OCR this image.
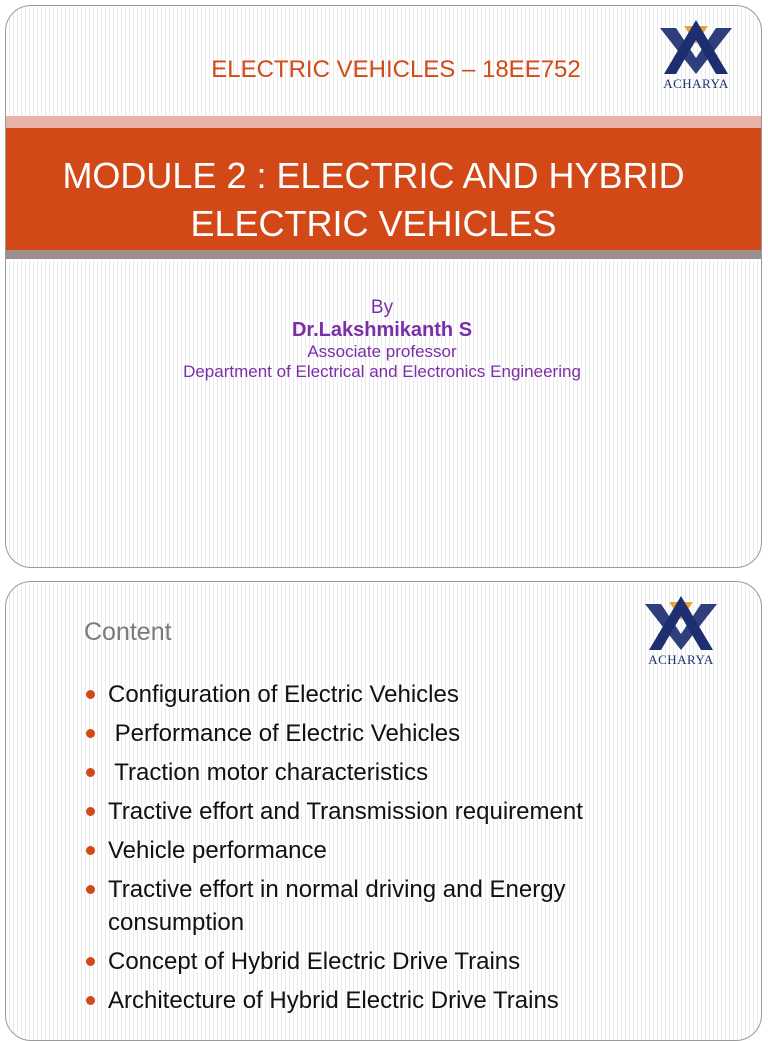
ACHARYA
ELECTRIC VEHICLES – 18EE752
MODULE 2 : ELECTRIC AND HYBRID
ELECTRIC VEHICLES
By
Dr.Lakshmikanth S
Associate professor
Department of Electrical and Electronics Engineering
ACHARYA
Content
Configuration of Electric Vehicles
Performance of Electric Vehicles
Traction motor characteristics
Tractive effort and Transmission requirement
Vehicle performance
Tractive effort in normal driving and Energy consumption
Concept of Hybrid Electric Drive Trains
Architecture of Hybrid Electric Drive Trains
